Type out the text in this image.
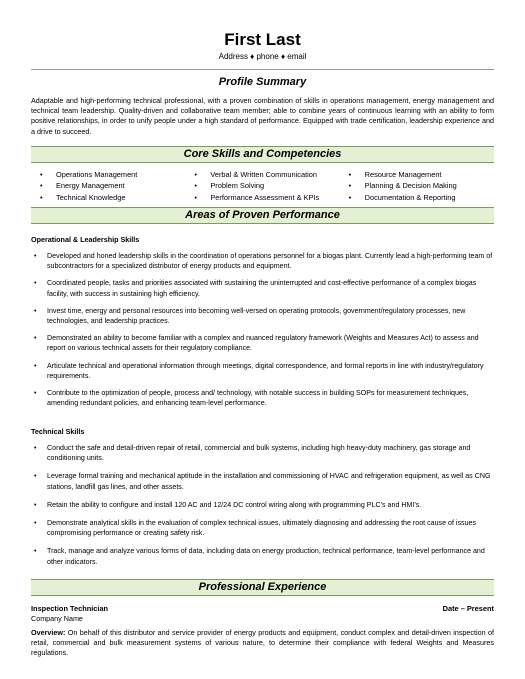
First Last
Address ♦ phone ♦ email
Profile Summary

Adaptable and high-performing technical professional, with a proven combination of skills in operations management, energy management and technical team leadership. Quality-driven and collaborative team member; able to combine years of continuous learning with an ability to form positive relationships, in order to unify people under a high standard of performance. Equipped with trade certification, leadership experience and a drive to succeed.

Core Skills and Competencies
• Operations Management
• Energy Management
• Technical Knowledge
• Verbal & Written Communication
• Problem Solving
• Performance Assessment & KPIs
• Resource Management
• Planning & Decision Making
• Documentation & Reporting
Areas of Proven Performance
Operational & Leadership Skills
• Developed and honed leadership skills in the coordination of operations personnel for a biogas plant. Currently lead a high-performing team of subcontractors for a specialized distributor of energy products and equipment.
• Coordinated people, tasks and priorities associated with sustaining the uninterrupted and cost-effective performance of a complex biogas facility, with success in sustaining high efficiency.
• Invest time, energy and personal resources into becoming well-versed on operating protocols, government/regulatory processes, new technologies, and leadership practices.
• Demonstrated an ability to become familiar with a complex and nuanced regulatory framework (Weights and Measures Act) to assess and report on various technical assets for their regulatory compliance.
• Articulate technical and operational information through meetings, digital correspondence, and formal reports in line with industry/regulatory requirements.
• Contribute to the optimization of people, process and/ technology, with notable success in building SOPs for measurement techniques, amending redundant policies, and enhancing team-level performance.
Technical Skills
• Conduct the safe and detail-driven repair of retail, commercial and bulk systems, including high heavy-duty machinery, gas storage and conditioning units.
• Leverage formal training and mechanical aptitude in the installation and commissioning of HVAC and refrigeration equipment, as well as CNG stations, landfill gas lines, and other assets.
• Retain the ability to configure and install 120 AC and 12/24 DC control wiring along with programming PLC’s and HMI’s.
• Demonstrate analytical skills in the evaluation of complex technical issues, ultimately diagnosing and addressing the root cause of issues compromising performance or creating safety risk.
• Track, manage and analyze various forms of data, including data on energy production, technical performance, team-level performance and other indicators.
Professional Experience
Inspection Technician	Date – Present
Company Name

Overview: On behalf of this distributor and service provider of energy products and equipment, conduct complex and detail-driven inspection of retail, commercial and bulk measurement systems of various nature, to determine their compliance with federal Weights and Measures regulations.
